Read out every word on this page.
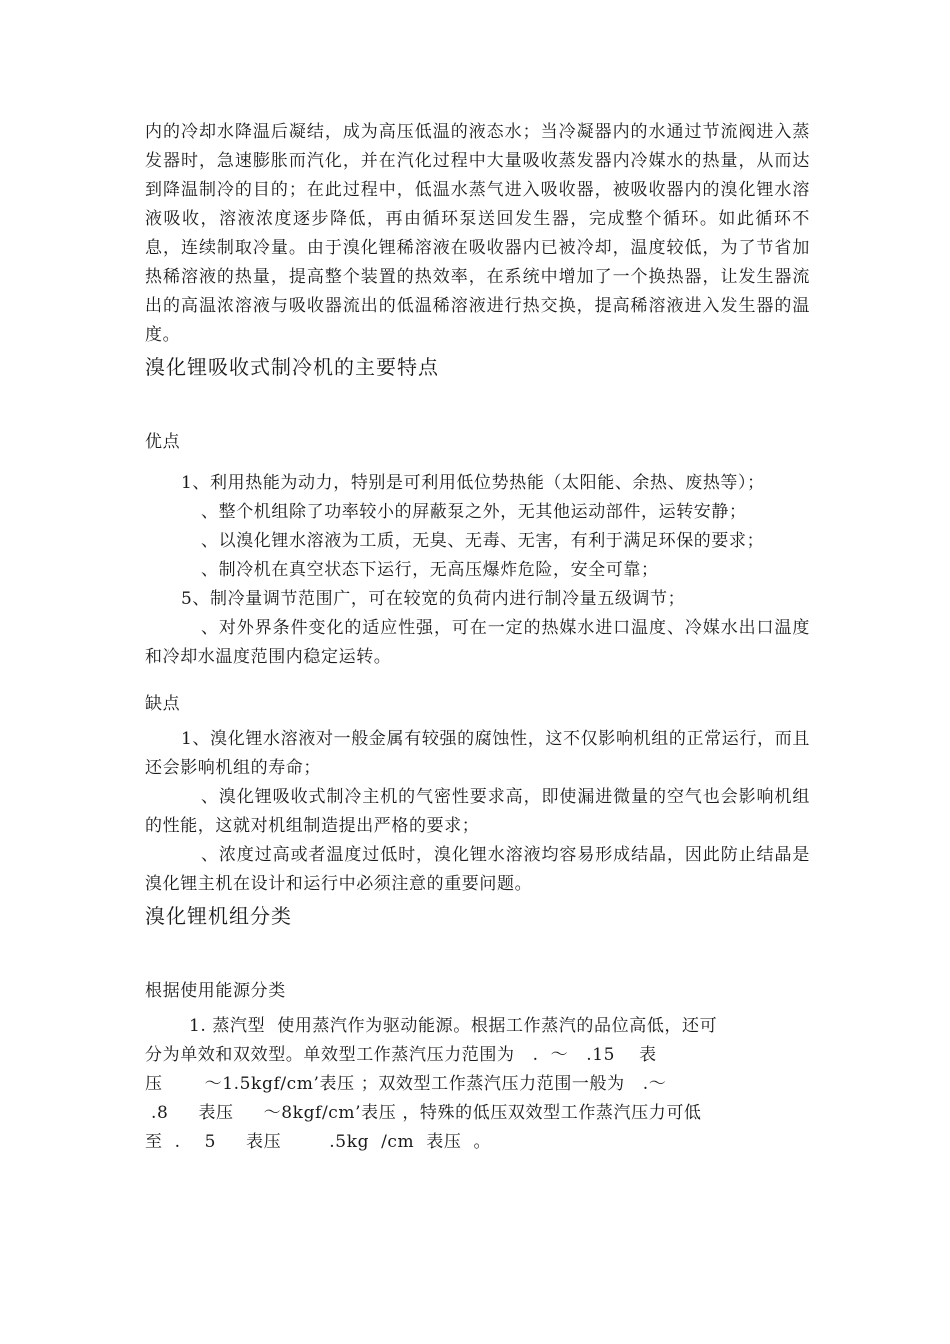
内的冷却水降温后凝结，成为高压低温的液态水；当冷凝器内的水通过节流阀进入蒸发器时，急速膨胀而汽化，并在汽化过程中大量吸收蒸发器内冷媒水的热量，从而达到降温制冷的目的；在此过程中，低温水蒸气进入吸收器，被吸收器内的溴化锂水溶液吸收，溶液浓度逐步降低，再由循环泵送回发生器，完成整个循环。如此循环不息，连续制取冷量。由于溴化锂稀溶液在吸收器内已被冷却，温度较低，为了节省加热稀溶液的热量，提高整个装置的热效率，在系统中增加了一个换热器，让发生器流出的高温浓溶液与吸收器流出的低温稀溶液进行热交换，提高稀溶液进入发生器的温度。

溴化锂吸收式制冷机的主要特点
优点

1、利用热能为动力，特别是可利用低位势热能（太阳能、余热、废热等）；

、整个机组除了功率较小的屏蔽泵之外，无其他运动部件，运转安静；

、以溴化锂水溶液为工质，无臭、无毒、无害，有利于满足环保的要求；

、制冷机在真空状态下运行，无高压爆炸危险，安全可靠；

5、制冷量调节范围广，可在较宽的负荷内进行制冷量五级调节；

、对外界条件变化的适应性强，可在一定的热媒水进口温度、冷媒水出口温度和冷却水温度范围内稳定运转。

缺点

1、溴化锂水溶液对一般金属有较强的腐蚀性，这不仅影响机组的正常运行，而且还会影响机组的寿命；

、溴化锂吸收式制冷主机的气密性要求高，即使漏进微量的空气也会影响机组的性能，这就对机组制造提出严格的要求；

、浓度过高或者温度过低时，溴化锂水溶液均容易形成结晶，因此防止结晶是溴化锂主机在设计和运行中必须注意的重要问题。

溴化锂机组分类
根据使用能源分类
1. 蒸汽型  使用蒸汽作为驱动能源。根据工作蒸汽的品位高低，还可
分为单效和双效型。单效型工作蒸汽压力范围为   .  ～   .15    表
压       ～1.5kgf/cm’表压 ；双效型工作蒸汽压力范围一般为   .～
.8     表压     ～8kgf/cm’表压 ，特殊的低压双效型工作蒸汽压力可低
至  .    5     表压        .5kg  /cm  表压  。
